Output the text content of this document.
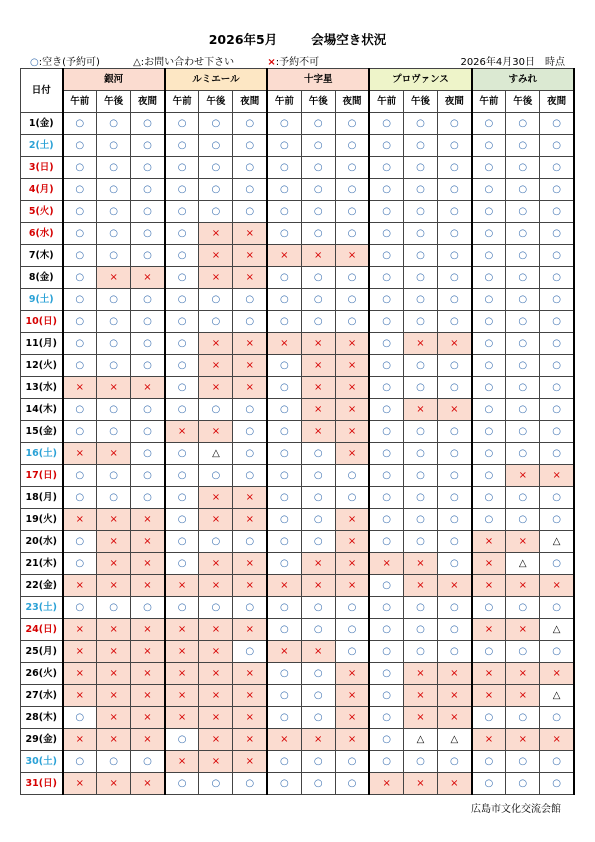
2026年5月	会場空き状況
○:空き(予約可)	△:お問い合わせ下さい	×:予約不可	2026年4月30日　時点
日付	銀河			ルミエール			十字星			プロヴァンス			すみれ		
	午前	午後	夜間	午前	午後	夜間	午前	午後	夜間	午前	午後	夜間	午前	午後	夜間
1(金)	○	○	○	○	○	○	○	○	○	○	○	○	○	○	○
2(土)	○	○	○	○	○	○	○	○	○	○	○	○	○	○	○
3(日)	○	○	○	○	○	○	○	○	○	○	○	○	○	○	○
4(月)	○	○	○	○	○	○	○	○	○	○	○	○	○	○	○
5(火)	○	○	○	○	○	○	○	○	○	○	○	○	○	○	○
6(水)	○	○	○	○	×	×	○	○	○	○	○	○	○	○	○
7(木)	○	○	○	○	×	×	×	×	×	○	○	○	○	○	○
8(金)	○	×	×	○	×	×	○	○	○	○	○	○	○	○	○
9(土)	○	○	○	○	○	○	○	○	○	○	○	○	○	○	○
10(日)	○	○	○	○	○	○	○	○	○	○	○	○	○	○	○
11(月)	○	○	○	○	×	×	×	×	×	○	×	×	○	○	○
12(火)	○	○	○	○	×	×	○	×	×	○	○	○	○	○	○
13(水)	×	×	×	○	×	×	○	×	×	○	○	○	○	○	○
14(木)	○	○	○	○	○	○	○	×	×	○	×	×	○	○	○
15(金)	○	○	○	×	×	○	○	×	×	○	○	○	○	○	○
16(土)	×	×	○	○	△	○	○	○	×	○	○	○	○	○	○
17(日)	○	○	○	○	○	○	○	○	○	○	○	○	○	×	×
18(月)	○	○	○	○	×	×	○	○	○	○	○	○	○	○	○
19(火)	×	×	×	○	×	×	○	○	×	○	○	○	○	○	○
20(水)	○	×	×	○	○	○	○	○	×	○	○	○	×	×	△
21(木)	○	×	×	○	×	×	○	×	×	×	×	○	×	△	○
22(金)	×	×	×	×	×	×	×	×	×	○	×	×	×	×	×
23(土)	○	○	○	○	○	○	○	○	○	○	○	○	○	○	○
24(日)	×	×	×	×	×	×	○	○	○	○	○	○	×	×	△
25(月)	×	×	×	×	×	○	×	×	○	○	○	○	○	○	○
26(火)	×	×	×	×	×	×	○	○	×	○	×	×	×	×	×
27(水)	×	×	×	×	×	×	○	○	×	○	×	×	×	×	△
28(木)	○	×	×	×	×	×	○	○	×	○	×	×	○	○	○
29(金)	×	×	×	○	×	×	×	×	×	○	△	△	×	×	×
30(土)	○	○	○	×	×	×	○	○	○	○	○	○	○	○	○
31(日)	×	×	×	○	○	○	○	○	○	×	×	×	○	○	○
広島市文化交流会館
